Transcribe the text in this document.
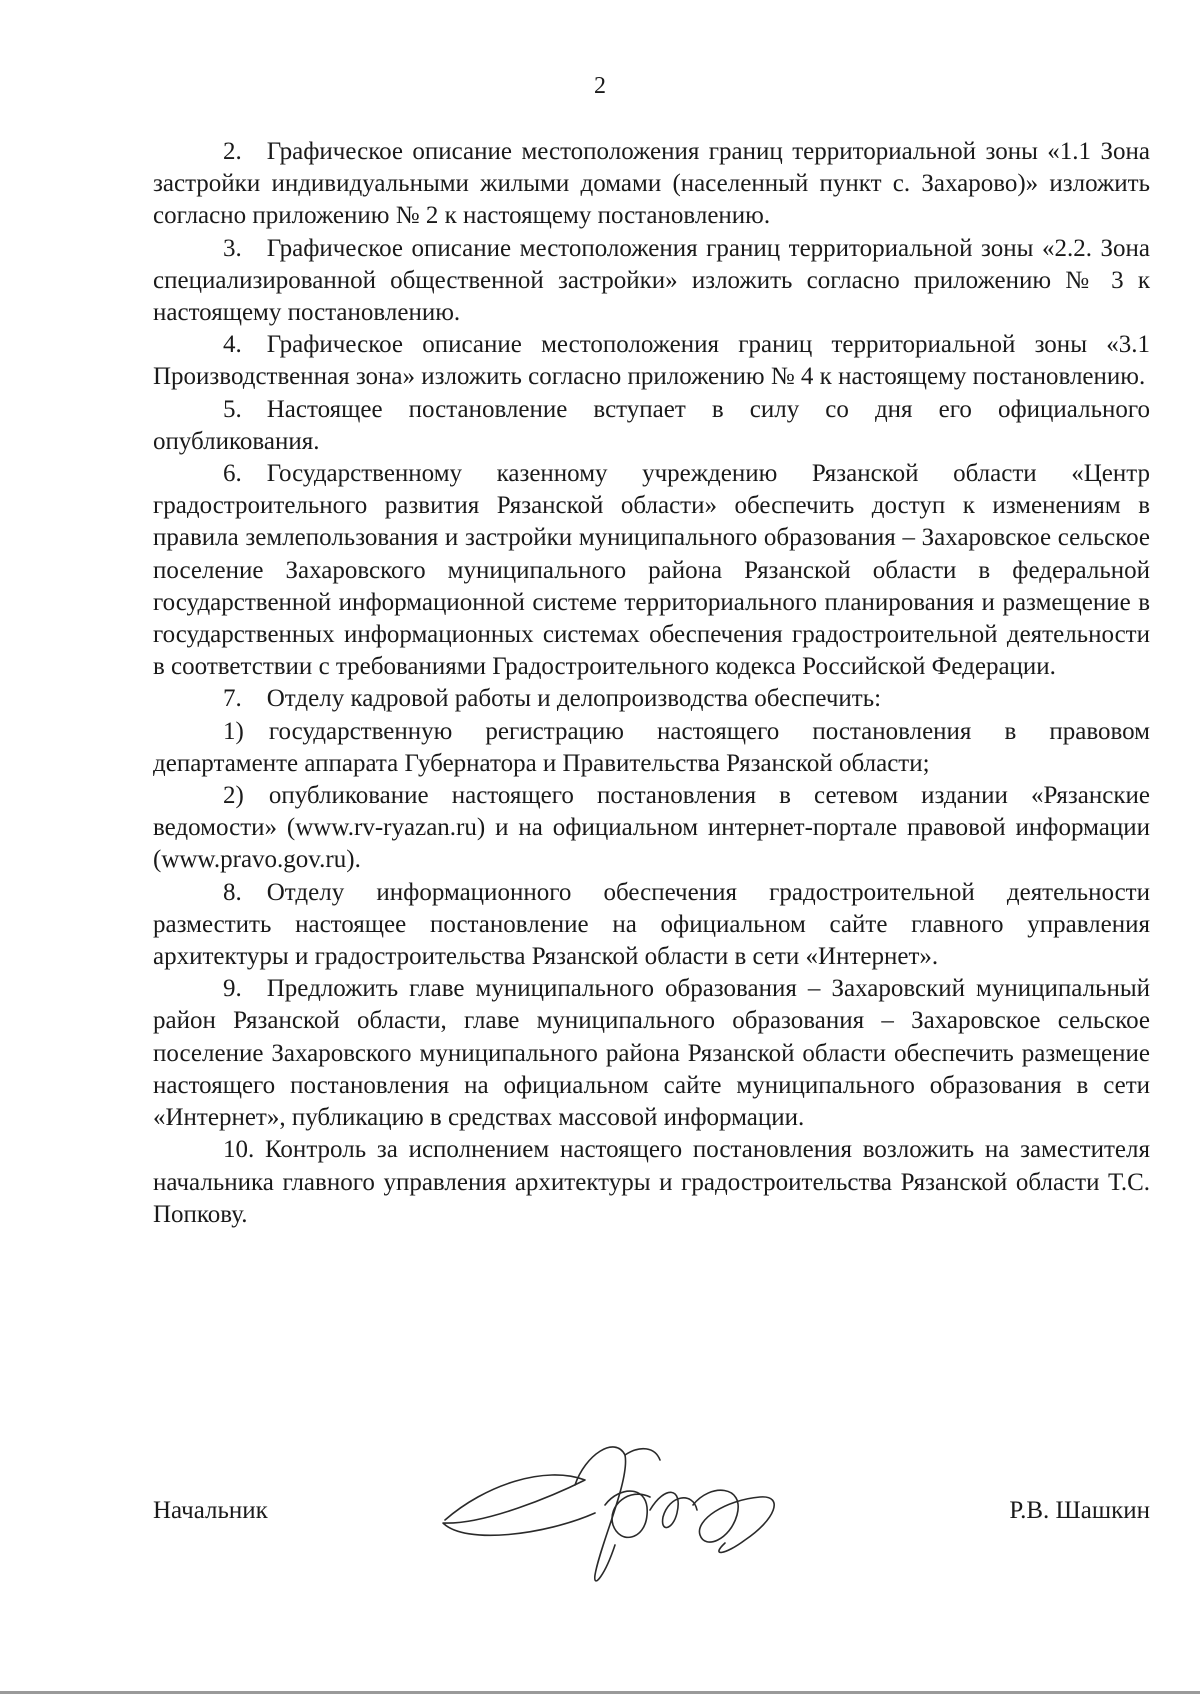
2

2. Графическое описание местоположения границ территориальной зоны «1.1 Зона застройки индивидуальными жилыми домами (населенный пункт с. Захарово)» изложить согласно приложению № 2 к настоящему постановлению.

3. Графическое описание местоположения границ территориальной зоны «2.2. Зона специализированной общественной застройки» изложить согласно приложению № 3 к настоящему постановлению.

4. Графическое описание местоположения границ территориальной зоны «3.1 Производственная зона» изложить согласно приложению № 4 к настоящему постановлению.

5. Настоящее постановление вступает в силу со дня его официального опубликования.

6. Государственному казенному учреждению Рязанской области «Центр градостроительного развития Рязанской области» обеспечить доступ к изменениям в правила землепользования и застройки муниципального образования – Захаровское сельское поселение Захаровского муниципального района Рязанской области в федеральной государственной информационной системе территориального планирования и размещение в государственных информационных системах обеспечения градостроительной деятельности в соответствии с требованиями Градостроительного кодекса Российской Федерации.

7. Отделу кадровой работы и делопроизводства обеспечить:

1) государственную регистрацию настоящего постановления в правовом департаменте аппарата Губернатора и Правительства Рязанской области;

2) опубликование настоящего постановления в сетевом издании «Рязанские ведомости» (www.rv-ryazan.ru) и на официальном интернет-портале правовой информации (www.pravo.gov.ru).

8. Отделу информационного обеспечения градостроительной деятельности разместить настоящее постановление на официальном сайте главного управления архитектуры и градостроительства Рязанской области в сети «Интернет».

9. Предложить главе муниципального образования – Захаровский муниципальный район Рязанской области, главе муниципального образования – Захаровское сельское поселение Захаровского муниципального района Рязанской области обеспечить размещение настоящего постановления на официальном сайте муниципального образования в сети «Интернет», публикацию в средствах массовой информации.

10. Контроль за исполнением настоящего постановления возложить на заместителя начальника главного управления архитектуры и градостроительства Рязанской области Т.С. Попкову.

Начальник	Р.В. Шашкин
